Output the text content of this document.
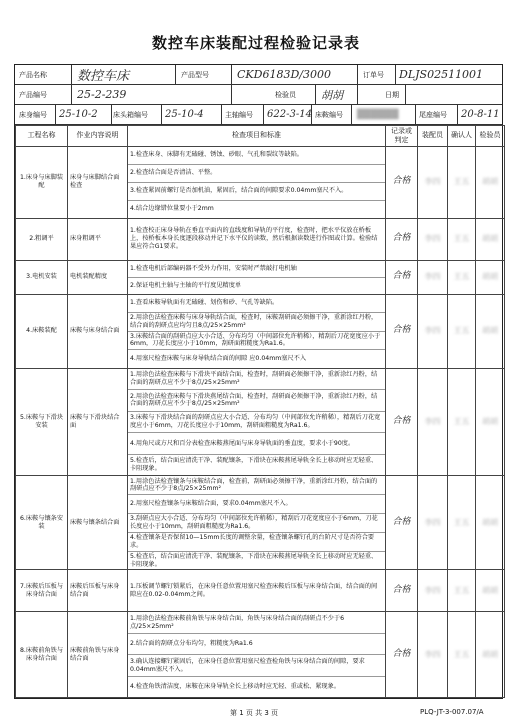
数控车床装配过程检验记录表
产品名称	数控车床	产品型号	CKD6183D/3000	订单号 DLJS02511001
产品编号	25-2-239	检验员 胡胡	日期
床身编号 25-10-2 床头箱编号 25-10-4	主轴编号 622-3-14 床鞍编号 ██████	尾座编号 20-8-11
工程名称	作业内容说明	检查项目和标准	记录或判定	装配员	确认人	检验员
1.床身与床脚装配	床身与床脚结合面检查	1.检查床身、床脚有无磕碰、锈蚀、砂眼、气孔和裂纹等缺陷。
2.检查结合面是否清洁、平整。
3.检查紧固前螺钉是否加机油，紧固后，结合面的间隙要求0.04mm塞尺不入。
4.结合边缘错位量要小于2mm	合格	李四	王五	胡胡
2.粗调平	床身粗调平	1.检查校正床身导轨在垂直平面内的直线度和导轨的平行度，检查时，把水平仪放在桥板上，按桥板本身长度逐段移动并记下水平仪的读数，然后根据读数进行作图或计算。检验结果应符合G1要求。	合格	李四	王五	胡胡
3.电机安装	电机装配精度	1.检查电机后部编码器不受外力作用，安装时严禁敲打电机轴
2.保证电机主轴与主轴的平行度见精度单	合格	李四	王五	胡胡
4.床鞍装配	床鞍与床身结合面	1.查看床鞍导轨面有无磕碰、划伤和砂、气孔等缺陷。
2.用涂色法检查床鞍与床身导轨结合面，检查时，床鞍刮研面必须擦干净，重新涂红丹粉，结合面的刮研点应均匀且8点/25×25mm²
3.床鞍结合面的刮研点应大小合适、分布均匀（中间部位允许稍稀），精刮后刀花宽度应小于6mm，刀花长度应小于10mm，刮研面粗糙度为Ra1.6。
4.用塞尺检查床鞍与床身导轨结合面的间隙 应0.04mm塞尺不入	合格	李四	王五	胡胡
5.床鞍与下滑块安装	床鞍与下滑块结合面	1.用涂色法检查床鞍与下滑块平面结合面，检查时，刮研面必须擦干净，重新涂红丹粉，结合面的刮研点应不少于8点/25×25mm²
2.用涂色法检查床鞍与下滑块燕尾结合面，检查时，刮研面必须擦干净，重新涂红丹粉，结合面的刮研点应不少于8点/25×25mm²
3.床鞍与下滑块结合面的刮研点应大小合适、分布均匀（中间部位允许稍稀），精刮后刀花宽度应小于6mm，刀花长度应小于10mm，刮研面粗糙度为Ra1.6。
4.用角尺或方尺和百分表检查床鞍燕尾面与床身导轨面的垂直度，要求小于90度。
5.检查后，结合面应清洗干净、装配镶条，下滑块在床鞍燕尾导轨全长上移动时应无轻重、卡阻现象。	合格	李四	王五	胡胡
6.床鞍与镶条安装	床鞍与镶条结合面	1.用涂色法检查镶条与床鞍结合面，检查前，刮研面必须擦干净，重新涂红丹粉，结合面的刮研点应不少于8点/25×25mm²
2.用塞尺检查镶条与床鞍结合面，要求0.04mm塞尺不入。
3.刮研点应大小合适、分布均匀（中间部位允许稍稀），精刮后刀花宽度应小于6mm，刀花长度应小于10mm，刮研面粗糙度为Ra1.6。
4.检查镶条是否保留10—15mm长度的调整余量，检查镶条螺钉孔的台阶尺寸是否符合要求。
5.检查后，结合面应清洗干净、装配镶条，下滑块在床鞍燕尾导轨全长上移动时应无轻重、卡阻现象。	合格	李四	王五	胡胡
7.床鞍后压板与床身结合面	床鞍后压板与床身结合面	1.压板调节螺钉锁紧后，在床身任意位置用塞尺检查床鞍后压板与床身结合面，结合面的间隙应在0.02-0.04mm之间。	合格	李四	王五	胡胡
8.床鞍前角铁与床身结合面	床鞍前角铁与床身结合面	1.用涂色法检查床鞍前角铁与床身结合面，角铁与床身结合面的刮研点不少于6点/25×25mm²
2.结合面的刮研点分布均匀，粗糙度为Ra1.6
3.确认连接螺钉紧固后，在床身任意位置用塞尺检查检角铁与床身结合面的间隙，要求0.04mm塞尺不入。
4.检查角铁清洁度，床鞍在床身导轨全长上移动时应无轻、重或松、紧现象。	合格	李四	王五	胡胡
第 1 页 共 3 页	PLQ-JT-3-007.07/A
